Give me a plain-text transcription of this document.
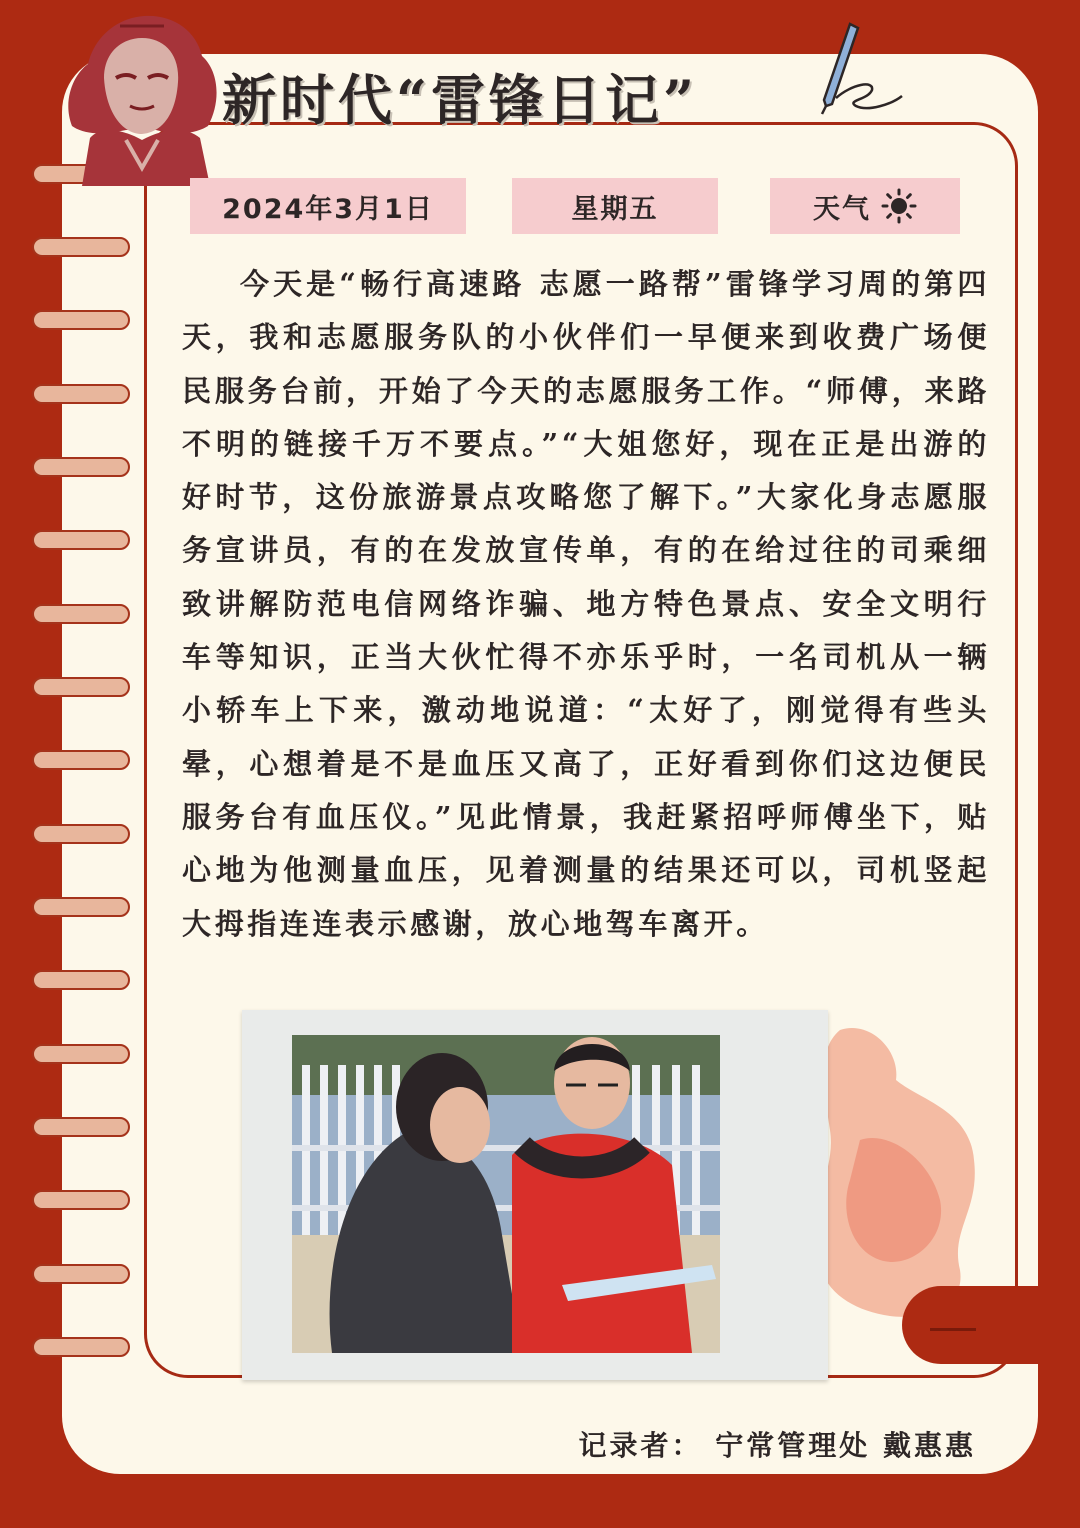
新时代“雷锋日记”
2024年3月1日	星期五	天气

今天是“畅行高速路 志愿一路帮”雷锋学习周的第四天，我和志愿服务队的小伙伴们一早便来到收费广场便民服务台前，开始了今天的志愿服务工作。“师傅，来路不明的链接千万不要点。”“大姐您好，现在正是出游的好时节，这份旅游景点攻略您了解下。”大家化身志愿服务宣讲员，有的在发放宣传单，有的在给过往的司乘细致讲解防范电信网络诈骗、地方特色景点、安全文明行车等知识，正当大伙忙得不亦乐乎时，一名司机从一辆小轿车上下来，激动地说道：“太好了，刚觉得有些头晕，心想着是不是血压又高了，正好看到你们这边便民服务台有血压仪。”见此情景，我赶紧招呼师傅坐下，贴心地为他测量血压，见着测量的结果还可以，司机竖起大拇指连连表示感谢，放心地驾车离开。

记录者： 宁常管理处 戴惠惠
